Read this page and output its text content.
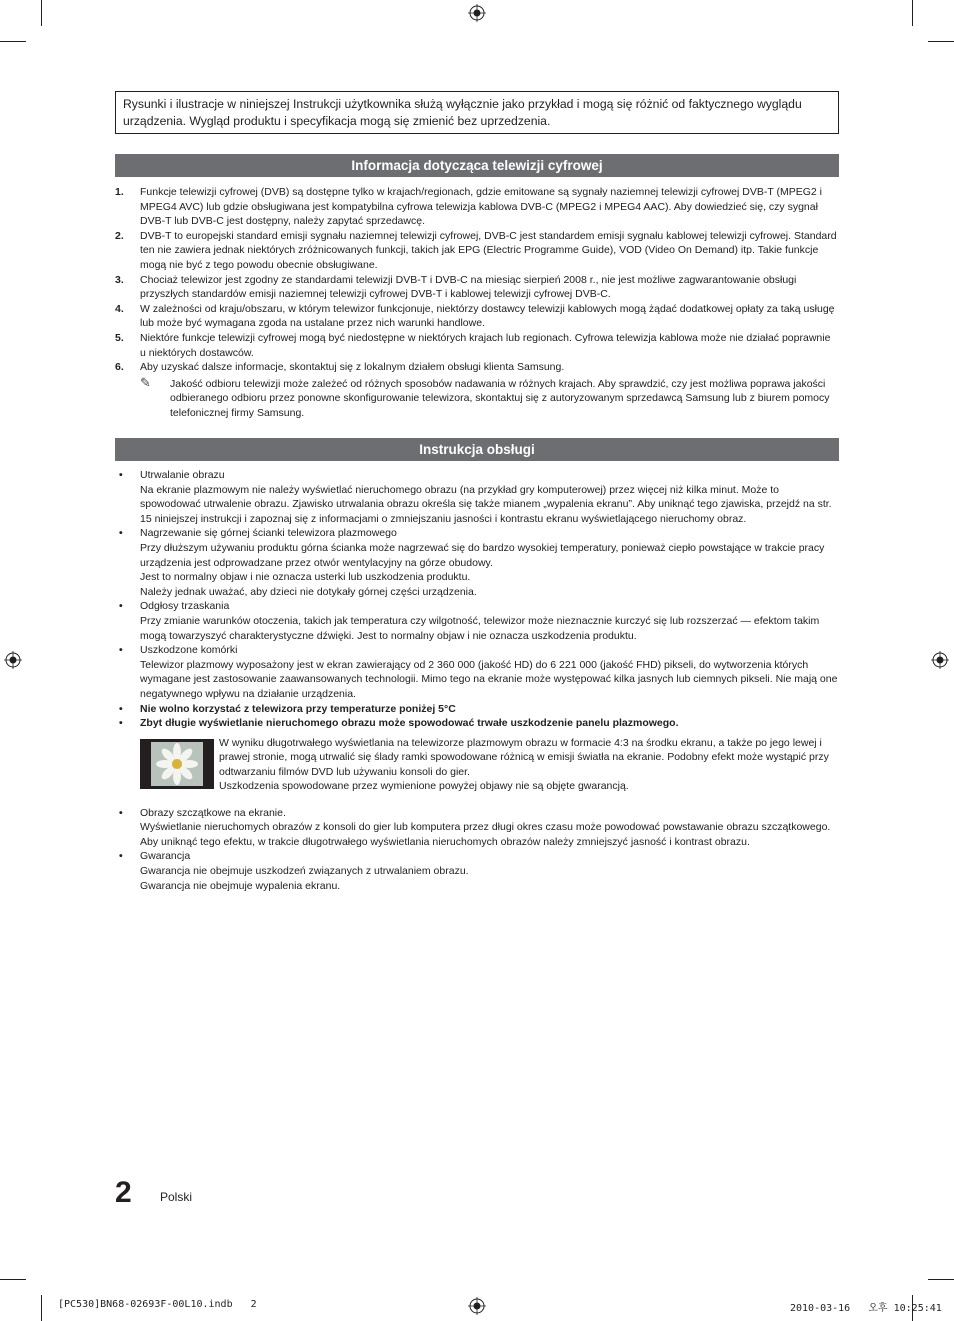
Rysunki i ilustracje w niniejszej Instrukcji użytkownika służą wyłącznie jako przykład i mogą się różnić od faktycznego wyglądu urządzenia. Wygląd produktu i specyfikacja mogą się zmienić bez uprzedzenia.
Informacja dotycząca telewizji cyfrowej
1. Funkcje telewizji cyfrowej (DVB) są dostępne tylko w krajach/regionach, gdzie emitowane są sygnały naziemnej telewizji cyfrowej DVB-T (MPEG2 i MPEG4 AVC) lub gdzie obsługiwana jest kompatybilna cyfrowa telewizja kablowa DVB-C (MPEG2 i MPEG4 AAC). Aby dowiedzieć się, czy sygnał DVB-T lub DVB-C jest dostępny, należy zapytać sprzedawcę.
2. DVB-T to europejski standard emisji sygnału naziemnej telewizji cyfrowej, DVB-C jest standardem emisji sygnału kablowej telewizji cyfrowej. Standard ten nie zawiera jednak niektórych zróżnicowanych funkcji, takich jak EPG (Electric Programme Guide), VOD (Video On Demand) itp. Takie funkcje mogą nie być z tego powodu obecnie obsługiwane.
3. Chociaż telewizor jest zgodny ze standardami telewizji DVB-T i DVB-C na miesiąc sierpień 2008 r., nie jest możliwe zagwarantowanie obsługi przyszłych standardów emisji naziemnej telewizji cyfrowej DVB-T i kablowej telewizji cyfrowej DVB-C.
4. W zależności od kraju/obszaru, w którym telewizor funkcjonuje, niektórzy dostawcy telewizji kablowych mogą żądać dodatkowej opłaty za taką usługę lub może być wymagana zgoda na ustalane przez nich warunki handlowe.
5. Niektóre funkcje telewizji cyfrowej mogą być niedostępne w niektórych krajach lub regionach. Cyfrowa telewizja kablowa może nie działać poprawnie u niektórych dostawców.
6. Aby uzyskać dalsze informacje, skontaktuj się z lokalnym działem obsługi klienta Samsung.
✎ Jakość odbioru telewizji może zależeć od różnych sposobów nadawania w różnych krajach. Aby sprawdzić, czy jest możliwa poprawa jakości odbieranego odbioru przez ponowne skonfigurowanie telewizora, skontaktuj się z autoryzowanym sprzedawcą Samsung lub z biurem pomocy telefonicznej firmy Samsung.
Instrukcja obsługi
• Utrwalanie obrazu
Na ekranie plazmowym nie należy wyświetlać nieruchomego obrazu (na przykład gry komputerowej) przez więcej niż kilka minut. Może to spowodować utrwalenie obrazu. Zjawisko utrwalania obrazu określa się także mianem „wypalenia ekranu”. Aby uniknąć tego zjawiska, przejdź na str. 15 niniejszej instrukcji i zapoznaj się z informacjami o zmniejszaniu jasności i kontrastu ekranu wyświetlającego nieruchomy obraz.
• Nagrzewanie się górnej ścianki telewizora plazmowego
Przy dłuższym używaniu produktu górna ścianka może nagrzewać się do bardzo wysokiej temperatury, ponieważ ciepło powstające w trakcie pracy urządzenia jest odprowadzane przez otwór wentylacyjny na górze obudowy.
Jest to normalny objaw i nie oznacza usterki lub uszkodzenia produktu.
Należy jednak uważać, aby dzieci nie dotykały górnej części urządzenia.
• Odgłosy trzaskania
Przy zmianie warunków otoczenia, takich jak temperatura czy wilgotność, telewizor może nieznacznie kurczyć się lub rozszerzać — efektom takim mogą towarzyszyć charakterystyczne dźwięki. Jest to normalny objaw i nie oznacza uszkodzenia produktu.
• Uszkodzone komórki
Telewizor plazmowy wyposażony jest w ekran zawierający od 2 360 000 (jakość HD) do 6 221 000 (jakość FHD) pikseli, do wytworzenia których wymagane jest zastosowanie zaawansowanych technologii. Mimo tego na ekranie może występować kilka jasnych lub ciemnych pikseli. Nie mają one negatywnego wpływu na działanie urządzenia.
• Nie wolno korzystać z telewizora przy temperaturze poniżej 5°C
• Zbyt długie wyświetlanie nieruchomego obrazu może spowodować trwałe uszkodzenie panelu plazmowego.
W wyniku długotrwałego wyświetlania na telewizorze plazmowym obrazu w formacie 4:3 na środku ekranu, a także po jego lewej i prawej stronie, mogą utrwalić się ślady ramki spowodowane różnicą w emisji światła na ekranie. Podobny efekt może wystąpić przy odtwarzaniu filmów DVD lub używaniu konsoli do gier.
Uszkodzenia spowodowane przez wymienione powyżej objawy nie są objęte gwarancją.
• Obrazy szczątkowe na ekranie.
Wyświetlanie nieruchomych obrazów z konsoli do gier lub komputera przez długi okres czasu może powodować powstawanie obrazu szczątkowego. Aby uniknąć tego efektu, w trakcie długotrwałego wyświetlania nieruchomych obrazów należy zmniejszyć jasność i kontrast obrazu.
• Gwarancja
Gwarancja nie obejmuje uszkodzeń związanych z utrwalaniem obrazu.
Gwarancja nie obejmuje wypalenia ekranu.
2 Polski
[PC530]BN68-02693F-00L10.indb   2	2010-03-16   오후 10:25:41
